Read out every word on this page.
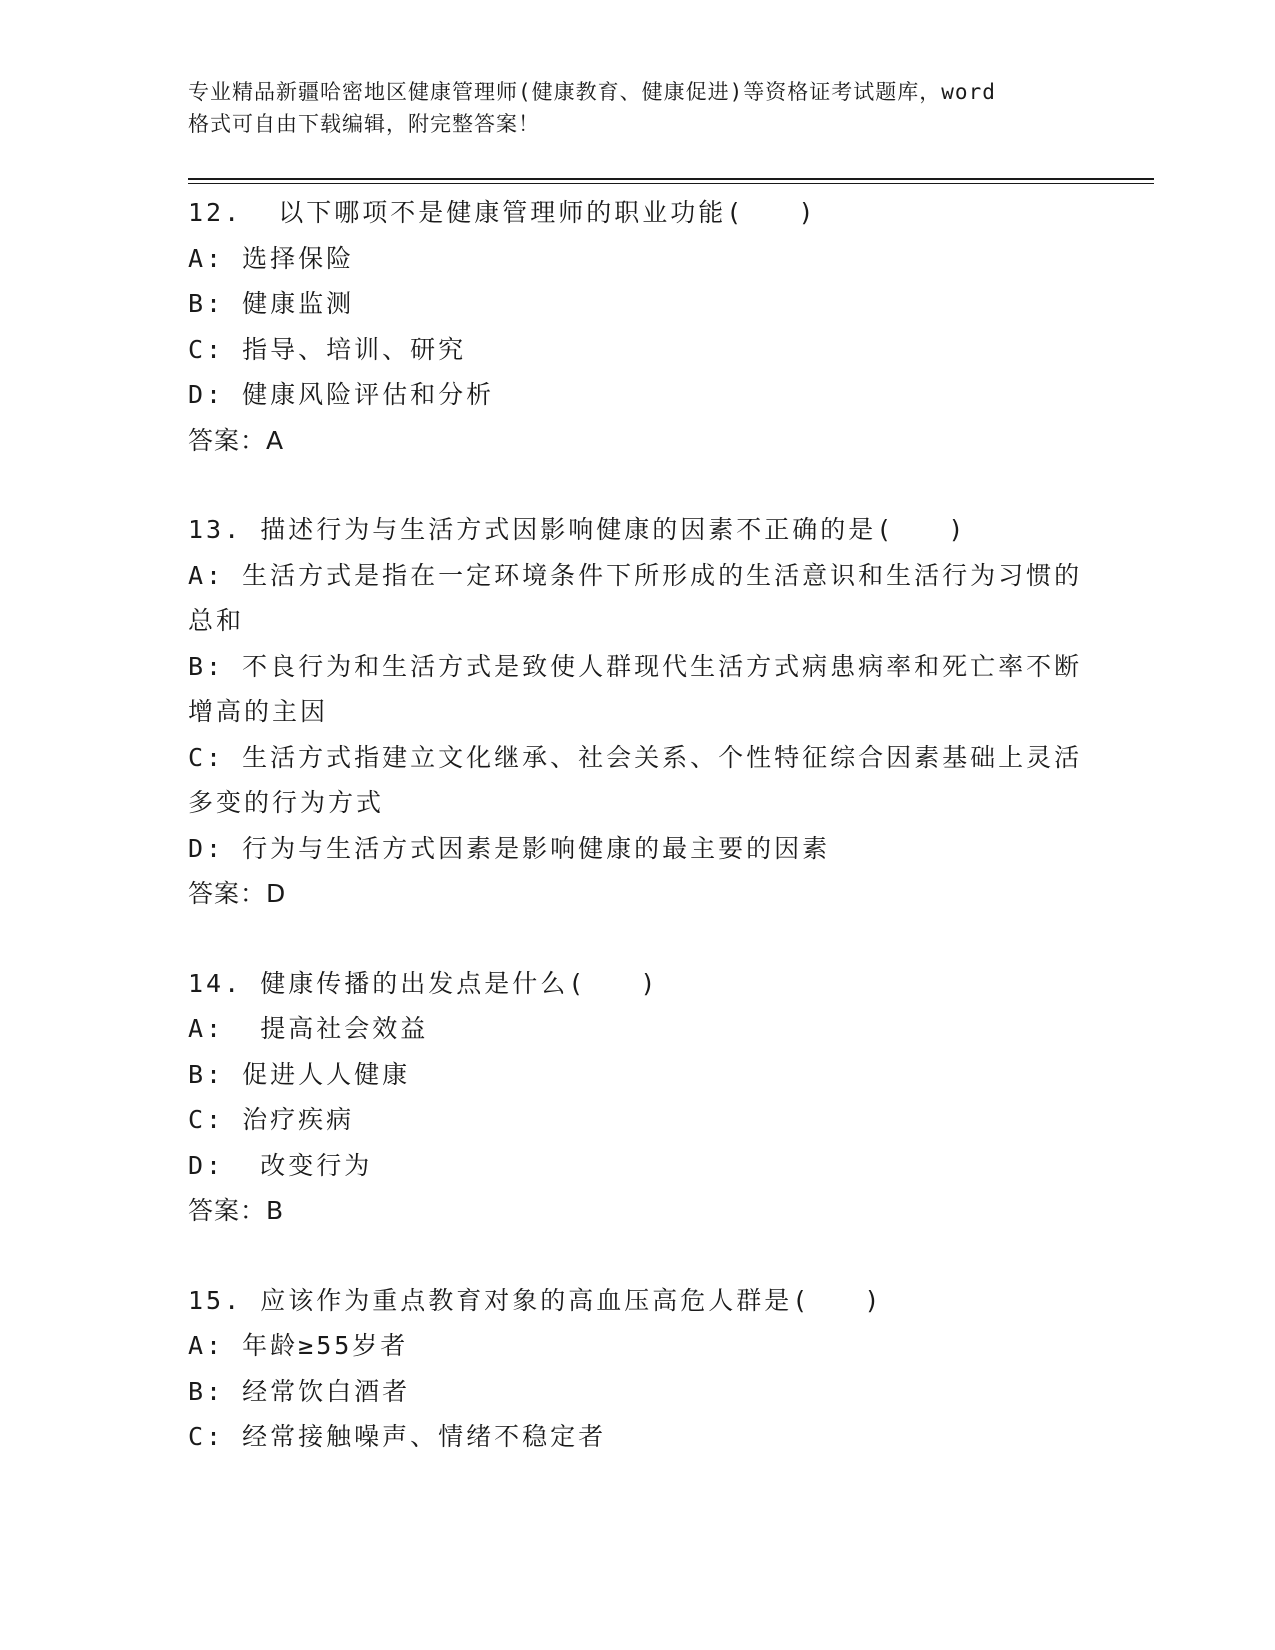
专业精品新疆哈密地区健康管理师(健康教育、健康促进)等资格证考试题库，word
格式可自由下载编辑，附完整答案！
12.  以下哪项不是健康管理师的职业功能(   )
A: 选择保险
B: 健康监测
C: 指导、培训、研究
D: 健康风险评估和分析
答案：A
13. 描述行为与生活方式因影响健康的因素不正确的是(   )
A: 生活方式是指在一定环境条件下所形成的生活意识和生活行为习惯的总和
B: 不良行为和生活方式是致使人群现代生活方式病患病率和死亡率不断增高的主因
C: 生活方式指建立文化继承、社会关系、个性特征综合因素基础上灵活多变的行为方式
D: 行为与生活方式因素是影响健康的最主要的因素
答案：D
14. 健康传播的出发点是什么(   )
A:  提高社会效益
B: 促进人人健康
C: 治疗疾病
D:  改变行为
答案：B
15. 应该作为重点教育对象的高血压高危人群是(   )
A: 年龄≥55岁者
B: 经常饮白酒者
C: 经常接触噪声、情绪不稳定者
